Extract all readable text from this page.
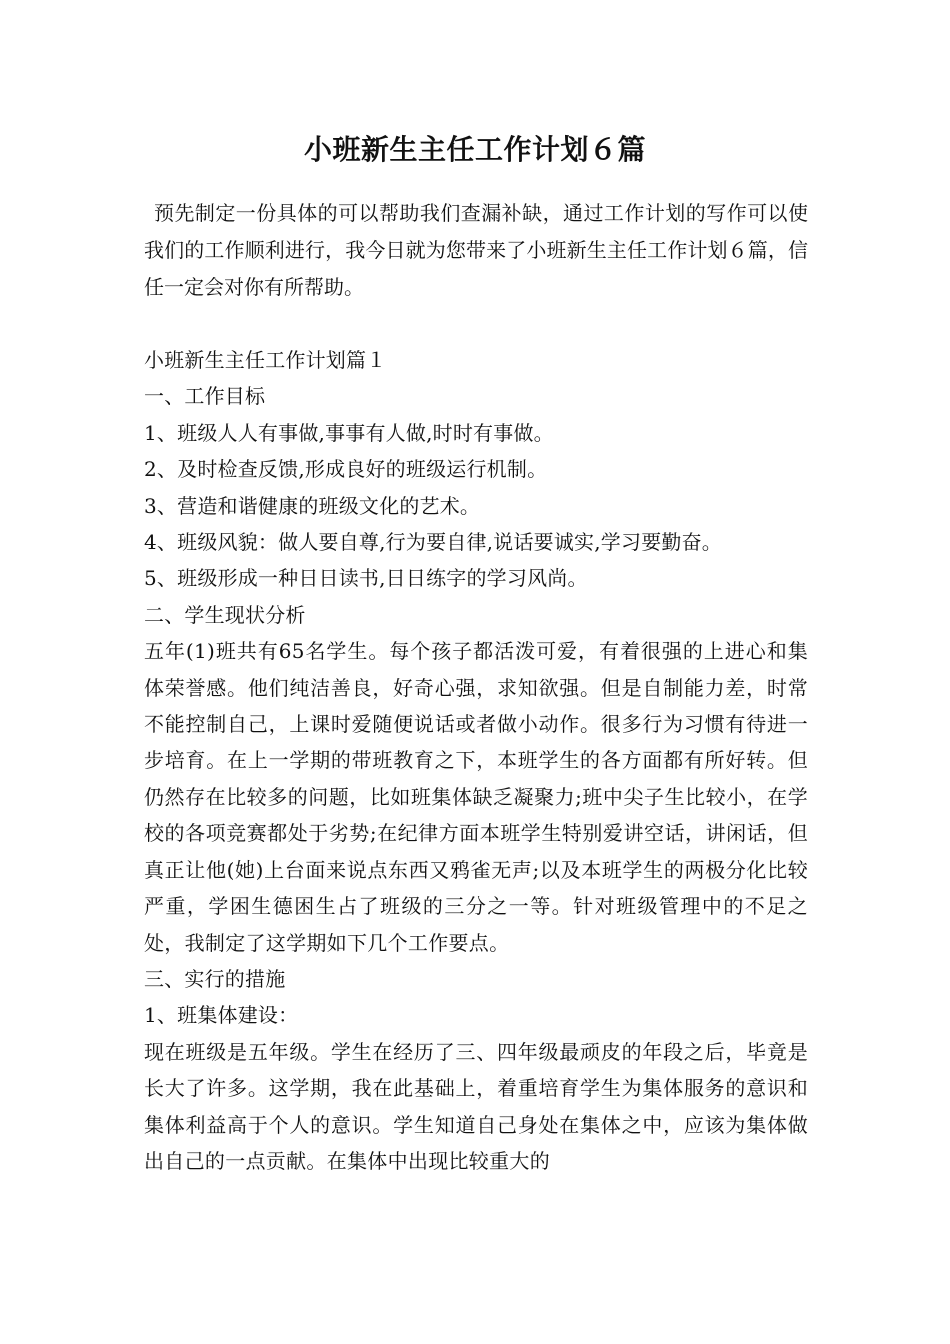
小班新生主任工作计划６篇

预先制定一份具体的可以帮助我们查漏补缺，通过工作计划的写作可以使我们的工作顺利进行，我今日就为您带来了小班新生主任工作计划６篇，信任一定会对你有所帮助。

小班新生主任工作计划篇１

一、工作目标

1、班级人人有事做,事事有人做,时时有事做。

2、及时检查反馈,形成良好的班级运行机制。

3、营造和谐健康的班级文化的艺术。

4、班级风貌：做人要自尊,行为要自律,说话要诚实,学习要勤奋。

5、班级形成一种日日读书,日日练字的学习风尚。

二、学生现状分析

五年(1)班共有65名学生。每个孩子都活泼可爱，有着很强的上进心和集体荣誉感。他们纯洁善良，好奇心强，求知欲强。但是自制能力差，时常不能控制自己，上课时爱随便说话或者做小动作。很多行为习惯有待进一步培育。在上一学期的带班教育之下，本班学生的各方面都有所好转。但仍然存在比较多的问题，比如班集体缺乏凝聚力;班中尖子生比较小，在学校的各项竞赛都处于劣势;在纪律方面本班学生特别爱讲空话，讲闲话，但真正让他(她)上台面来说点东西又鸦雀无声;以及本班学生的两极分化比较严重，学困生德困生占了班级的三分之一等。针对班级管理中的不足之处，我制定了这学期如下几个工作要点。

三、实行的措施

1、班集体建设：

现在班级是五年级。学生在经历了三、四年级最顽皮的年段之后，毕竟是长大了许多。这学期，我在此基础上，着重培育学生为集体服务的意识和集体利益高于个人的意识。学生知道自己身处在集体之中，应该为集体做出自己的一点贡献。在集体中出现比较重大的
